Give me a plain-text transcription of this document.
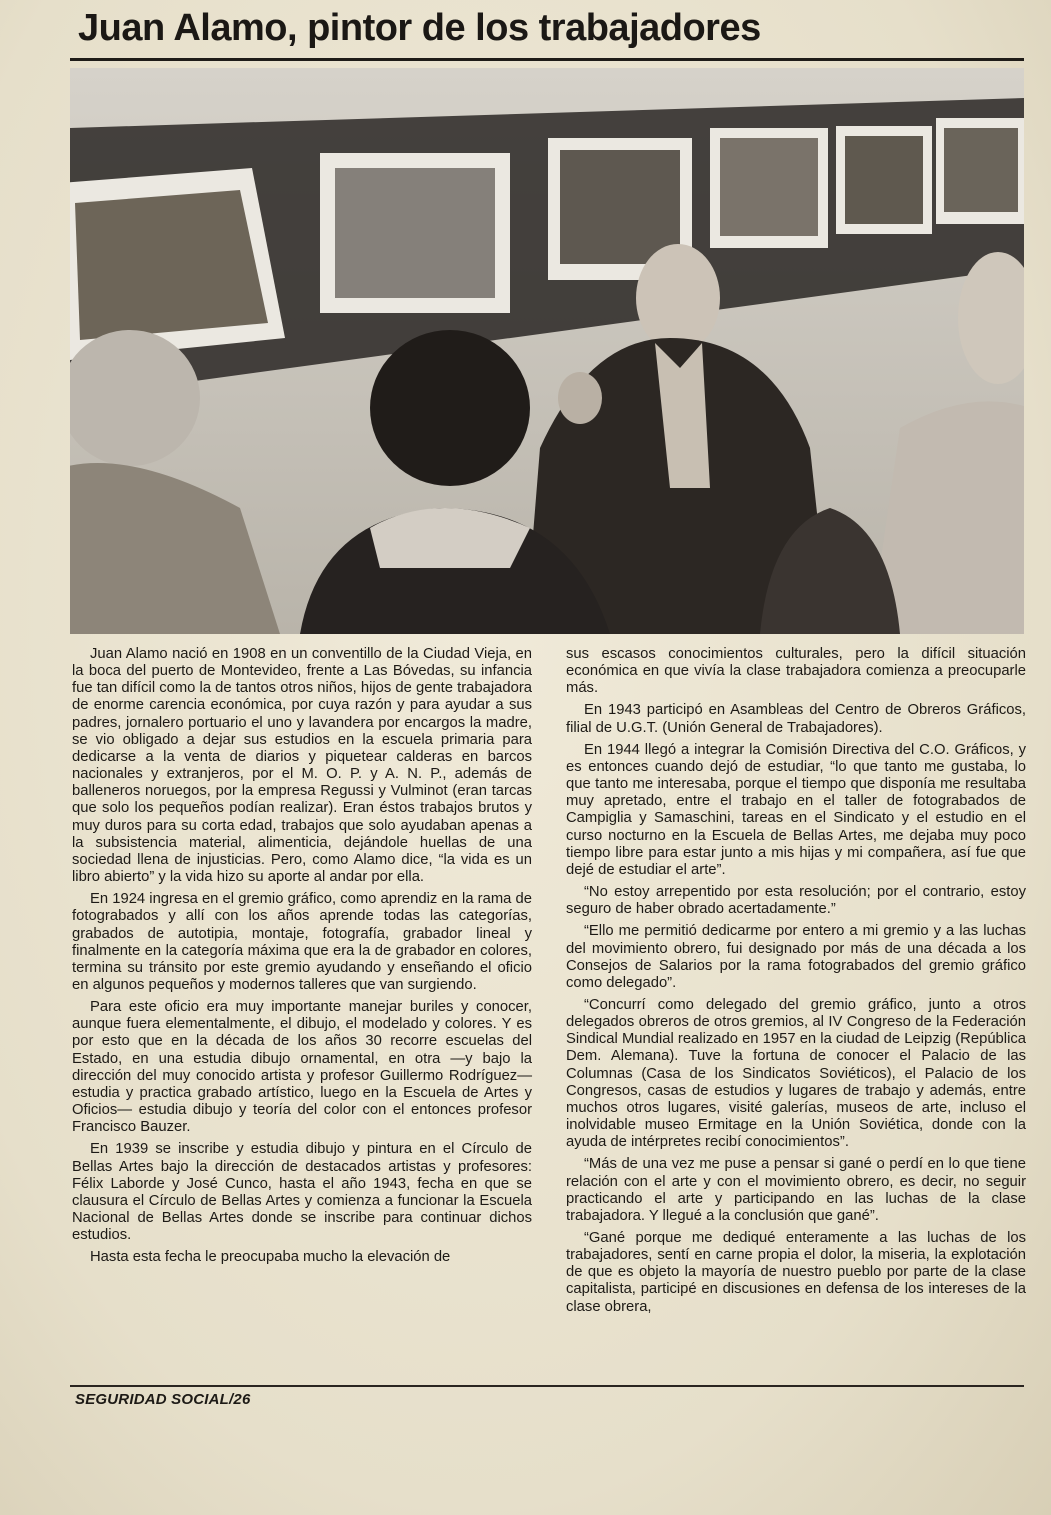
Juan Alamo, pintor de los trabajadores

Juan Alamo nació en 1908 en un conventillo de la Ciudad Vieja, en la boca del puerto de Montevideo, frente a Las Bóvedas, su infancia fue tan difícil como la de tantos otros niños, hijos de gente trabajadora de enorme carencia económica, por cuya razón y para ayudar a sus padres, jornalero portuario el uno y lavandera por encargos la madre, se vio obligado a dejar sus estudios en la escuela primaria para dedicarse a la venta de diarios y piquetear calderas en barcos nacionales y extranjeros, por el M. O. P. y A. N. P., además de balleneros noruegos, por la empresa Regussi y Vulminot (eran tarcas que solo los pequeños podían realizar). Eran éstos trabajos brutos y muy duros para su corta edad, trabajos que solo ayudaban apenas a la subsistencia material, alimenticia, dejándole huellas de una sociedad llena de injusticias. Pero, como Alamo dice, “la vida es un libro abierto” y la vida hizo su aporte al andar por ella.

En 1924 ingresa en el gremio gráfico, como aprendiz en la rama de fotograbados y allí con los años aprende todas las categorías, grabados de autotipia, montaje, fotografía, grabador lineal y finalmente en la categoría máxima que era la de grabador en colores, termina su tránsito por este gremio ayudando y enseñando el oficio en algunos pequeños y modernos talleres que van surgiendo.

Para este oficio era muy importante manejar buriles y conocer, aunque fuera elementalmente, el dibujo, el modelado y colores. Y es por esto que en la década de los años 30 recorre escuelas del Estado, en una estudia dibujo ornamental, en otra —y bajo la dirección del muy conocido artista y profesor Guillermo Rodríguez— estudia y practica grabado artístico, luego en la Escuela de Artes y Oficios— estudia dibujo y teoría del color con el entonces profesor Francisco Bauzer.

En 1939 se inscribe y estudia dibujo y pintura en el Círculo de Bellas Artes bajo la dirección de destacados artistas y profesores: Félix Laborde y José Cunco, hasta el año 1943, fecha en que se clausura el Círculo de Bellas Artes y comienza a funcionar la Escuela Nacional de Bellas Artes donde se inscribe para continuar dichos estudios.

Hasta esta fecha le preocupaba mucho la elevación de

sus escasos conocimientos culturales, pero la difícil situación económica en que vivía la clase trabajadora comienza a preocuparle más.

En 1943 participó en Asambleas del Centro de Obreros Gráficos, filial de U.G.T. (Unión General de Trabajadores).

En 1944 llegó a integrar la Comisión Directiva del C.O. Gráficos, y es entonces cuando dejó de estudiar, “lo que tanto me gustaba, lo que tanto me interesaba, porque el tiempo que disponía me resultaba muy apretado, entre el trabajo en el taller de fotograbados de Campiglia y Samaschini, tareas en el Sindicato y el estudio en el curso nocturno en la Escuela de Bellas Artes, me dejaba muy poco tiempo libre para estar junto a mis hijas y mi compañera, así fue que dejé de estudiar el arte”.

“No estoy arrepentido por esta resolución; por el contrario, estoy seguro de haber obrado acertadamente.”

“Ello me permitió dedicarme por entero a mi gremio y a las luchas del movimiento obrero, fui designado por más de una década a los Consejos de Salarios por la rama fotograbados del gremio gráfico como delegado”.

“Concurrí como delegado del gremio gráfico, junto a otros delegados obreros de otros gremios, al IV Congreso de la Federación Sindical Mundial realizado en 1957 en la ciudad de Leipzig (República Dem. Alemana). Tuve la fortuna de conocer el Palacio de las Columnas (Casa de los Sindicatos Soviéticos), el Palacio de los Congresos, casas de estudios y lugares de trabajo y además, entre muchos otros lugares, visité galerías, museos de arte, incluso el inolvidable museo Ermitage en la Unión Soviética, donde con la ayuda de intérpretes recibí conocimientos”.

“Más de una vez me puse a pensar si gané o perdí en lo que tiene relación con el arte y con el movimiento obrero, es decir, no seguir practicando el arte y participando en las luchas de la clase trabajadora. Y llegué a la conclusión que gané”.

“Gané porque me dediqué enteramente a las luchas de los trabajadores, sentí en carne propia el dolor, la miseria, la explotación de que es objeto la mayoría de nuestro pueblo por parte de la clase capitalista, participé en discusiones en defensa de los intereses de la clase obrera,

SEGURIDAD SOCIAL/26
